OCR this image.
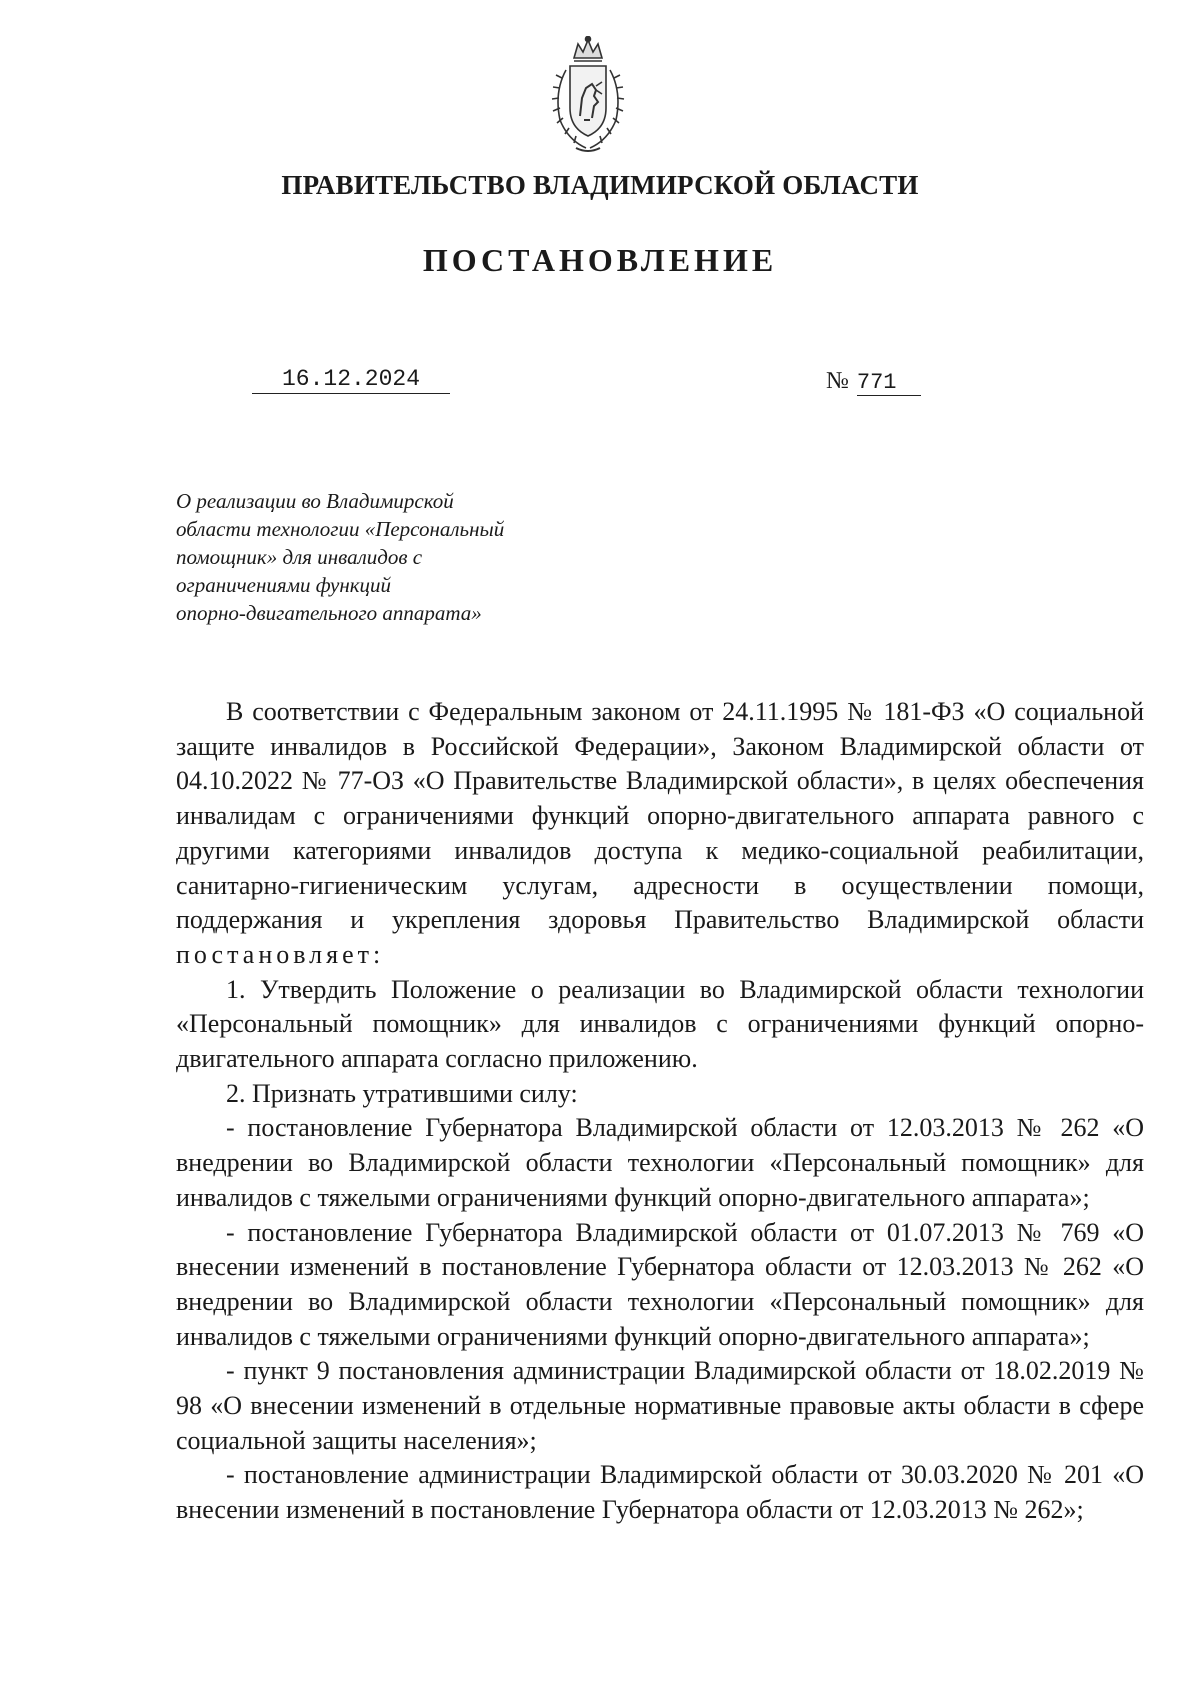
ПРАВИТЕЛЬСТВО ВЛАДИМИРСКОЙ ОБЛАСТИ
ПОСТАНОВЛЕНИЕ
16.12.2024	№ 771
О реализации во Владимирской
области технологии «Персональный
помощник» для инвалидов с
ограничениями функций
опорно-двигательного аппарата»

В соответствии с Федеральным законом от 24.11.1995 № 181-ФЗ «О социальной защите инвалидов в Российской Федерации», Законом Владимирской области от 04.10.2022 № 77-ОЗ «О Правительстве Владимирской области», в целях обеспечения инвалидам с ограничениями функций опорно-двигательного аппарата равного с другими категориями инвалидов доступа к медико-социальной реабилитации, санитарно-гигиеническим услугам, адресности в осуществлении помощи, поддержания и укрепления здоровья Правительство Владимирской области постановляет:

1. Утвердить Положение о реализации во Владимирской области технологии «Персональный помощник» для инвалидов с ограничениями функций опорно-двигательного аппарата согласно приложению.

2. Признать утратившими силу:

- постановление Губернатора Владимирской области от 12.03.2013 № 262 «О внедрении во Владимирской области технологии «Персональный помощник» для инвалидов с тяжелыми ограничениями функций опорно-двигательного аппарата»;

- постановление Губернатора Владимирской области от 01.07.2013 № 769 «О внесении изменений в постановление Губернатора области от 12.03.2013 № 262 «О внедрении во Владимирской области технологии «Персональный помощник» для инвалидов с тяжелыми ограничениями функций опорно-двигательного аппарата»;

- пункт 9 постановления администрации Владимирской области от 18.02.2019 № 98 «О внесении изменений в отдельные нормативные правовые акты области в сфере социальной защиты населения»;

- постановление администрации Владимирской области от 30.03.2020 № 201 «О внесении изменений в постановление Губернатора области от 12.03.2013 № 262»;
